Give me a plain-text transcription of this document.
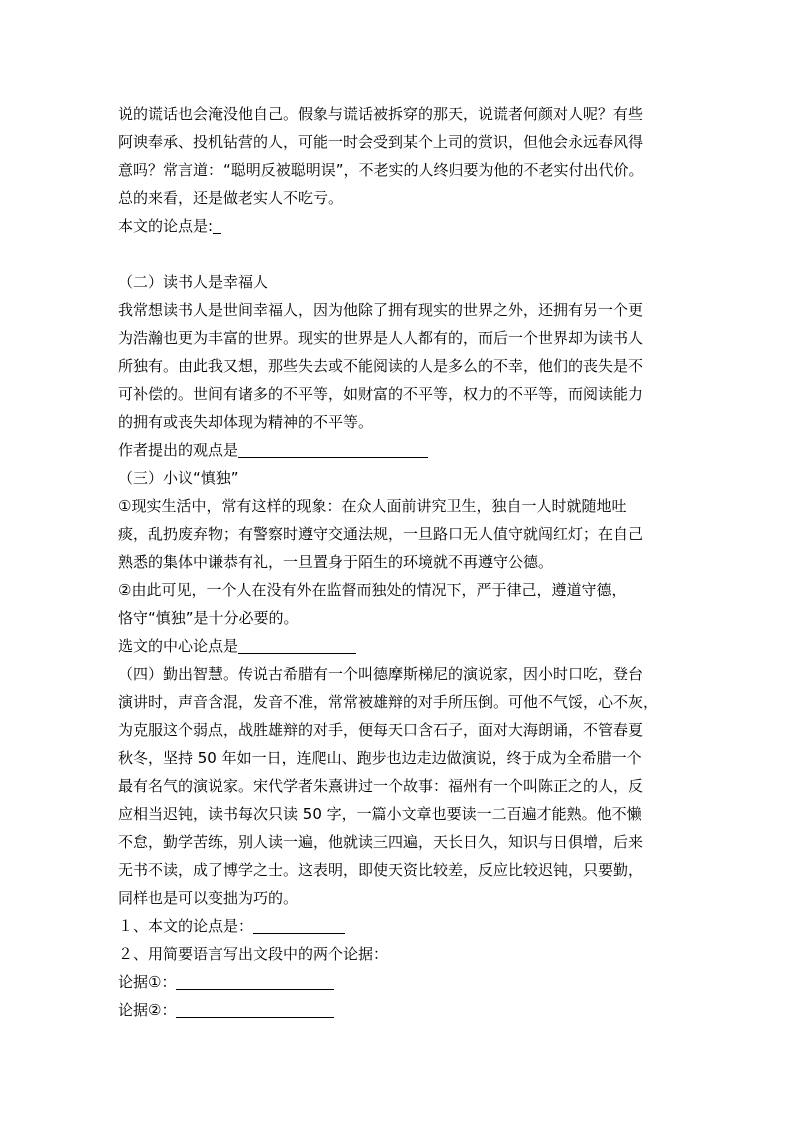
说的谎话也会淹没他自己。假象与谎话被拆穿的那天，说谎者何颜对人呢？有些
阿谀奉承、投机钻营的人，可能一时会受到某个上司的赏识，但他会永远春风得
意吗？常言道：“聪明反被聪明误”，不老实的人终归要为他的不老实付出代价。
总的来看，还是做老实人不吃亏。
本文的论点是:
（二）读书人是幸福人
我常想读书人是世间幸福人，因为他除了拥有现实的世界之外，还拥有另一个更
为浩瀚也更为丰富的世界。现实的世界是人人都有的，而后一个世界却为读书人
所独有。由此我又想，那些失去或不能阅读的人是多么的不幸，他们的丧失是不
可补偿的。世间有诸多的不平等，如财富的不平等，权力的不平等，而阅读能力
的拥有或丧失却体现为精神的不平等。
作者提出的观点是
（三）小议“慎独”
①现实生活中，常有这样的现象：在众人面前讲究卫生，独自一人时就随地吐
痰，乱扔废弃物；有警察时遵守交通法规，一旦路口无人值守就闯红灯；在自己
熟悉的集体中谦恭有礼，一旦置身于陌生的环境就不再遵守公德。
②由此可见，一个人在没有外在监督而独处的情况下，严于律己，遵道守德，
恪守“慎独”是十分必要的。
选文的中心论点是
（四）勤出智慧。传说古希腊有一个叫德摩斯梯尼的演说家，因小时口吃，登台
演讲时，声音含混，发音不准，常常被雄辩的对手所压倒。可他不气馁，心不灰，
为克服这个弱点，战胜雄辩的对手，便每天口含石子，面对大海朗诵，不管春夏
秋冬，坚持 50 年如一日，连爬山、跑步也边走边做演说，终于成为全希腊一个
最有名气的演说家。宋代学者朱熹讲过一个故事：福州有一个叫陈正之的人，反
应相当迟钝，读书每次只读 50 字，一篇小文章也要读一二百遍才能熟。他不懒
不怠，勤学苦练，别人读一遍，他就读三四遍，天长日久，知识与日俱增，后来
无书不读，成了博学之士。这表明，即使天资比较差，反应比较迟钝，只要勤，
同样也是可以变拙为巧的。
１、本文的论点是：
２、用简要语言写出文段中的两个论据：
论据①：
论据②：
